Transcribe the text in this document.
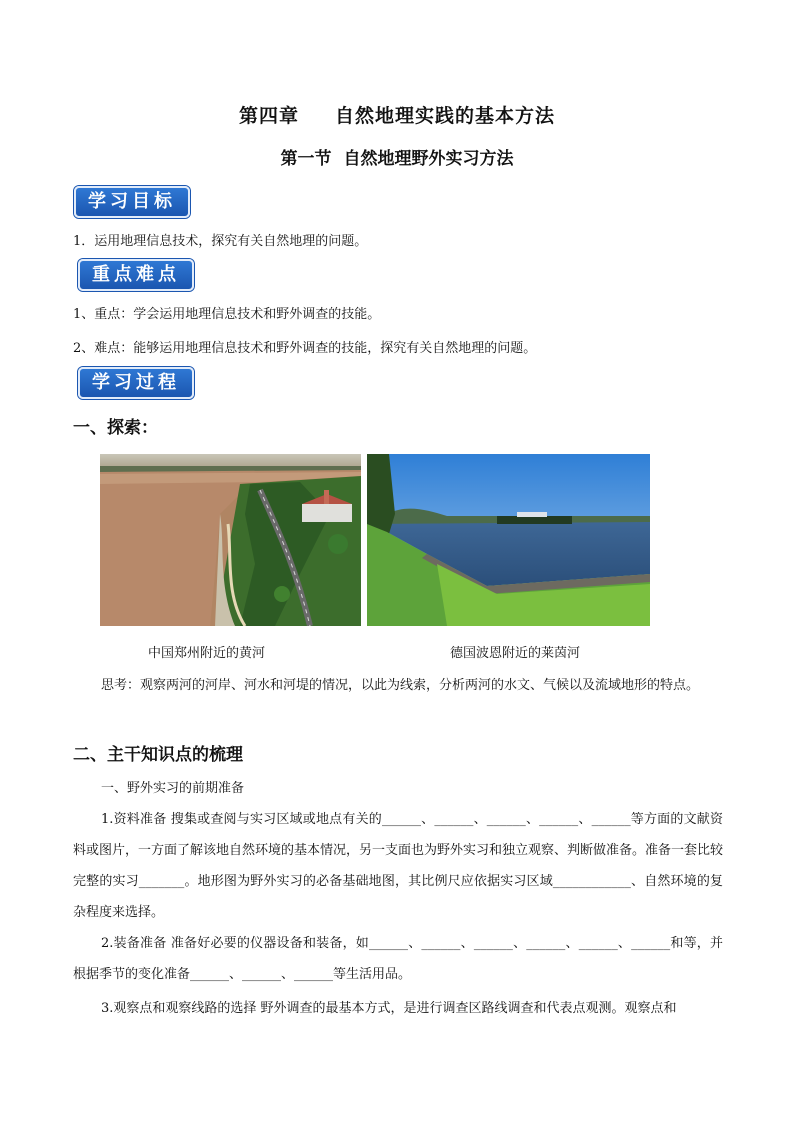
第四章 自然地理实践的基本方法
第一节 自然地理野外实习方法
学习目标
1．运用地理信息技术，探究有关自然地理的问题。
重点难点
1、重点：学会运用地理信息技术和野外调查的技能。
2、难点：能够运用地理信息技术和野外调查的技能，探究有关自然地理的问题。
学习过程
一、探索：
中国郑州附近的黄河	德国波恩附近的莱茵河
思考：观察两河的河岸、河水和河堤的情况，以此为线索，分析两河的水文、气候以及流域地形的特点。
二、主干知识点的梳理
一、野外实习的前期准备
1.资料准备 搜集或查阅与实习区域或地点有关的______、______、______、______、______等方面的文献资料或图片，一方面了解该地自然环境的基本情况，另一支面也为野外实习和独立观察、判断做准备。准备一套比较完整的实习_______。地形图为野外实习的必备基础地图，其比例尺应依据实习区域____________、自然环境的复杂程度来选择。
2.装备准备 准备好必要的仪器设备和装备，如______、______、______、______、______、______和等，并根据季节的变化准备______、______、______等生活用品。
3.观察点和观察线路的选择 野外调查的最基本方式，是进行调查区路线调查和代表点观测。观察点和
